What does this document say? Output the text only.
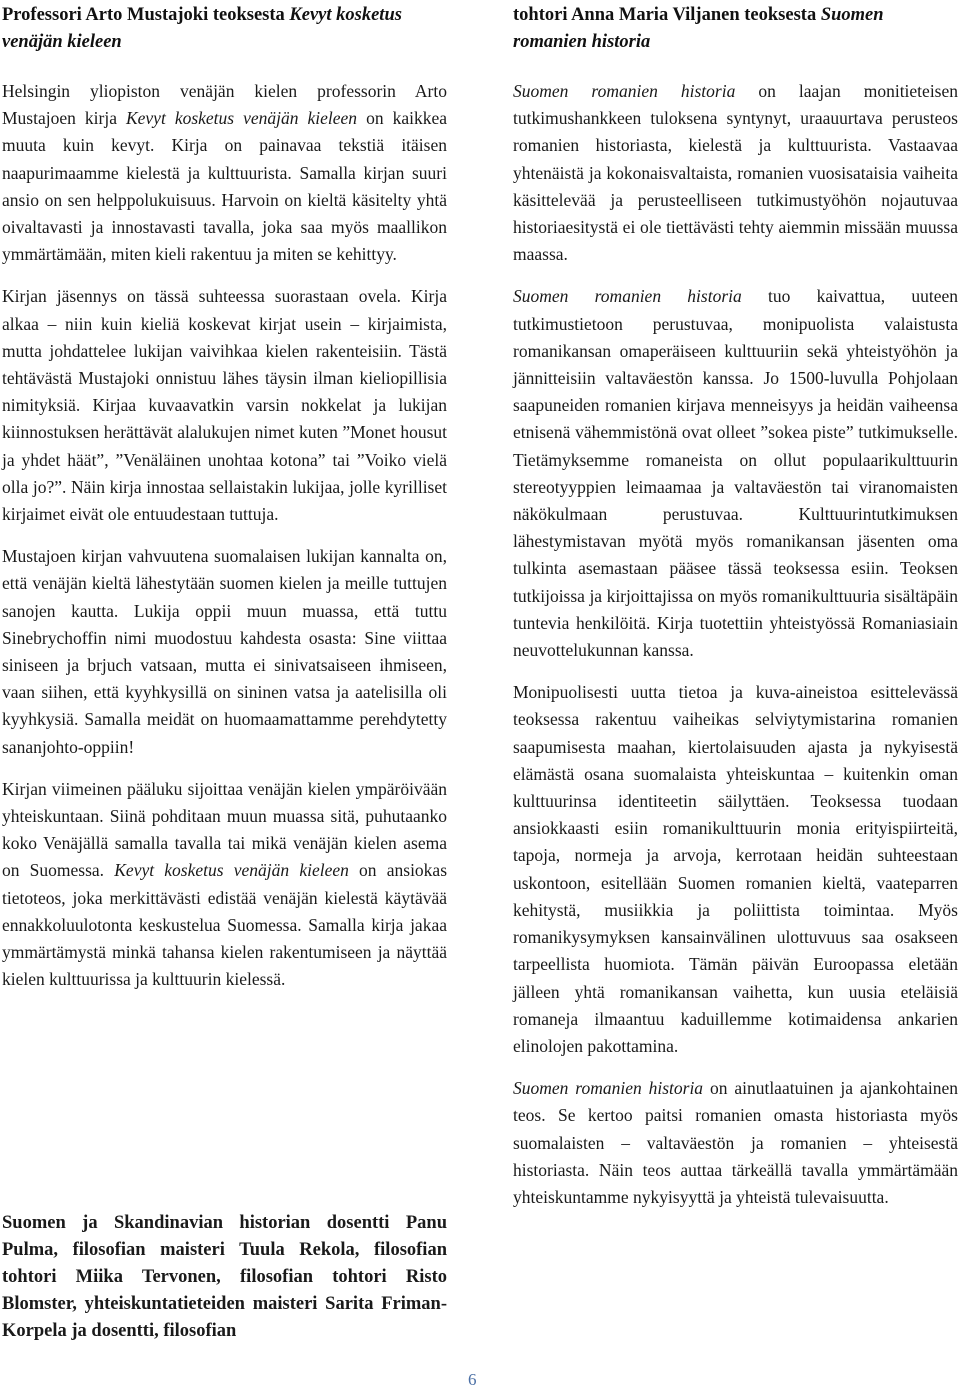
Professori Arto Mustajoki teoksesta Kevyt kosketus venäjän kieleen

Helsingin yliopiston venäjän kielen professorin Arto Mustajoen kirja Kevyt kosketus venäjän kieleen on kaikkea muuta kuin kevyt. Kirja on painavaa tekstiä itäisen naapurimaamme kielestä ja kulttuurista. Samalla kirjan suuri ansio on sen helppolukuisuus. Harvoin on kieltä käsitelty yhtä oivaltavasti ja innostavasti tavalla, joka saa myös maallikon ymmärtämään, miten kieli rakentuu ja miten se kehittyy.

Kirjan jäsennys on tässä suhteessa suorastaan ovela. Kirja alkaa – niin kuin kieliä koskevat kirjat usein – kirjaimista, mutta johdattelee lukijan vaivihkaa kielen rakenteisiin. Tästä tehtävästä Mustajoki onnistuu lähes täysin ilman kieliopillisia nimityksiä. Kirjaa kuvaavatkin varsin nokkelat ja lukijan kiinnostuksen herättävät alalukujen nimet kuten ”Monet housut ja yhdet häät”, ”Venäläinen unohtaa kotona” tai ”Voiko vielä olla jo?”. Näin kirja innostaa sellaistakin lukijaa, jolle kyrilliset kirjaimet eivät ole entuudestaan tuttuja.

Mustajoen kirjan vahvuutena suomalaisen lukijan kannalta on, että venäjän kieltä lähestytään suomen kielen ja meille tuttujen sanojen kautta. Lukija oppii muun muassa, että tuttu Sinebrychoffin nimi muodostuu kahdesta osasta: Sine viittaa siniseen ja brjuch vatsaan, mutta ei sinivatsaiseen ihmiseen, vaan siihen, että kyyhkysillä on sininen vatsa ja aatelisilla oli kyyhkysiä. Samalla meidät on huomaamattamme perehdytetty sananjohto-oppiin!

Kirjan viimeinen pääluku sijoittaa venäjän kielen ympäröivään yhteiskuntaan. Siinä pohditaan muun muassa sitä, puhutaanko koko Venäjällä samalla tavalla tai mikä venäjän kielen asema on Suomessa. Kevyt kosketus venäjän kieleen on ansiokas tietoteos, joka merkittävästi edistää venäjän kielestä käytävää ennakkoluulotonta keskustelua Suomessa. Samalla kirja jakaa ymmärtämystä minkä tahansa kielen rakentumiseen ja näyttää kielen kulttuurissa ja kulttuurin kielessä.

Suomen ja Skandinavian historian dosentti Panu Pulma, filosofian maisteri Tuula Rekola, filosofian tohtori Miika Tervonen, filosofian tohtori Risto Blomster, yhteiskuntatieteiden maisteri Sarita Friman-Korpela ja dosentti, filosofian
tohtori Anna Maria Viljanen teoksesta Suomen romanien historia

Suomen romanien historia on laajan monitieteisen tutkimushankkeen tuloksena syntynyt, uraauurtava perusteos romanien historiasta, kielestä ja kulttuurista. Vastaavaa yhtenäistä ja kokonaisvaltaista, romanien vuosisataisia vaiheita käsittelevää ja perusteelliseen tutkimustyöhön nojautuvaa historiaesitystä ei ole tiettävästi tehty aiemmin missään muussa maassa.

Suomen romanien historia tuo kaivattua, uuteen tutkimustietoon perustuvaa, monipuolista valaistusta romanikansan omaperäiseen kulttuuriin sekä yhteistyöhön ja jännitteisiin valtaväestön kanssa. Jo 1500-luvulla Pohjolaan saapuneiden romanien kirjava menneisyys ja heidän vaiheensa etnisenä vähemmistönä ovat olleet ”sokea piste” tutkimukselle. Tietämyksemme romaneista on ollut populaarikulttuurin stereotyyppien leimaamaa ja valtaväestön tai viranomaisten näkökulmaan perustuvaa. Kulttuurintutkimuksen lähestymistavan myötä myös romanikansan jäsenten oma tulkinta asemastaan pääsee tässä teoksessa esiin. Teoksen tutkijoissa ja kirjoittajissa on myös romanikulttuuria sisältäpäin tuntevia henkilöitä. Kirja tuotettiin yhteistyössä Romaniasiain neuvottelukunnan kanssa.

Monipuolisesti uutta tietoa ja kuva-aineistoa esittelevässä teoksessa rakentuu vaiheikas selviytymistarina romanien saapumisesta maahan, kiertolaisuuden ajasta ja nykyisestä elämästä osana suomalaista yhteiskuntaa – kuitenkin oman kulttuurinsa identiteetin säilyttäen. Teoksessa tuodaan ansiokkaasti esiin romanikulttuurin monia erityispiirteitä, tapoja, normeja ja arvoja, kerrotaan heidän suhteestaan uskontoon, esitellään Suomen romanien kieltä, vaateparren kehitystä, musiikkia ja poliittista toimintaa. Myös romanikysymyksen kansainvälinen ulottuvuus saa osakseen tarpeellista huomiota. Tämän päivän Euroopassa eletään jälleen yhtä romanikansan vaihetta, kun uusia eteläisiä romaneja ilmaantuu kaduillemme kotimaidensa ankarien elinolojen pakottamina.

Suomen romanien historia on ainutlaatuinen ja ajankohtainen teos. Se kertoo paitsi romanien omasta historiasta myös suomalaisten – valtaväestön ja romanien – yhteisestä historiasta. Näin teos auttaa tärkeällä tavalla ymmärtämään yhteiskuntamme nykyisyyttä ja yhteistä tulevaisuutta.

6
